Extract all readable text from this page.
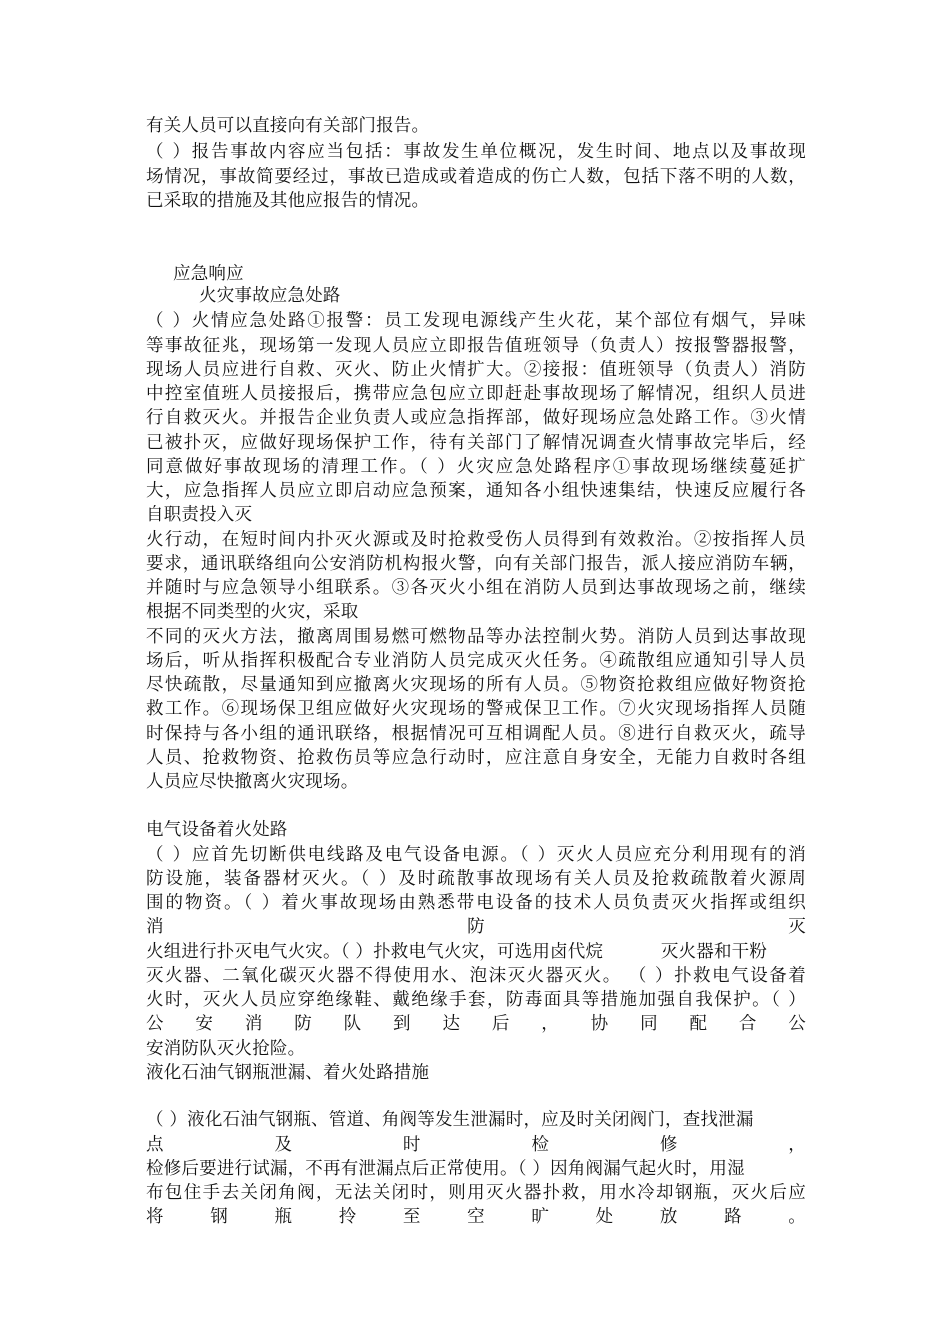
有关人员可以直接向有关部门报告。
（ ）报告事故内容应当包括：事故发生单位概况，发生时间、地点以及事故现
场情况，事故简要经过，事故已造成或着造成的伤亡人数，包括下落不明的人数，
已采取的措施及其他应报告的情况。
应急响应
火灾事故应急处路
（ ）火情应急处路①报警：员工发现电源线产生火花，某个部位有烟气，异味
等事故征兆，现场第一发现人员应立即报告值班领导（负责人）按报警器报警，
现场人员应进行自救、灭火、防止火情扩大。②接报：值班领导（负责人）消防
中控室值班人员接报后，携带应急包应立即赶赴事故现场了解情况，组织人员进
行自救灭火。并报告企业负责人或应急指挥部，做好现场应急处路工作。③火情
已被扑灭，应做好现场保护工作，待有关部门了解情况调查火情事故完毕后，经
同意做好事故现场的清理工作。（ ）火灾应急处路程序①事故现场继续蔓延扩
大，应急指挥人员应立即启动应急预案，通知各小组快速集结，快速反应履行各
自职责投入灭
火行动，在短时间内扑灭火源或及时抢救受伤人员得到有效救治。②按指挥人员
要求，通讯联络组向公安消防机构报火警，向有关部门报告，派人接应消防车辆，
并随时与应急领导小组联系。③各灭火小组在消防人员到达事故现场之前，继续
根据不同类型的火灾，采取
不同的灭火方法，撤离周围易燃可燃物品等办法控制火势。消防人员到达事故现
场后，听从指挥积极配合专业消防人员完成灭火任务。④疏散组应通知引导人员
尽快疏散，尽量通知到应撤离火灾现场的所有人员。⑤物资抢救组应做好物资抢
救工作。⑥现场保卫组应做好火灾现场的警戒保卫工作。⑦火灾现场指挥人员随
时保持与各小组的通讯联络，根据情况可互相调配人员。⑧进行自救灭火，疏导
人员、抢救物资、抢救伤员等应急行动时，应注意自身安全，无能力自救时各组
人员应尽快撤离火灾现场。
电气设备着火处路
（ ）应首先切断供电线路及电气设备电源。（ ）灭火人员应充分利用现有的消
防设施，装备器材灭火。（ ）及时疏散事故现场有关人员及抢救疏散着火源周
围的物资。（ ）着火事故现场由熟悉带电设备的技术人员负责灭火指挥或组织
消防灭
火组进行扑灭电气火灾。（ ）扑救电气火灾，可选用卤代烷          灭火器和干粉
灭火器、二氧化碳灭火器不得使用水、泡沫灭火器灭火。 （ ）扑救电气设备着
火时，灭火人员应穿绝缘鞋、戴绝缘手套，防毒面具等措施加强自我保护。（ ）
公安消防队到达后，协同配合公
安消防队灭火抢险。
液化石油气钢瓶泄漏、着火处路措施
（ ）液化石油气钢瓶、管道、角阀等发生泄漏时，应及时关闭阀门，查找泄漏
点及时检修，
检修后要进行试漏，不再有泄漏点后正常使用。（ ）因角阀漏气起火时，用湿
布包住手去关闭角阀，无法关闭时，则用灭火器扑救，用水冷却钢瓶，灭火后应
将钢瓶拎至空旷处放路。
